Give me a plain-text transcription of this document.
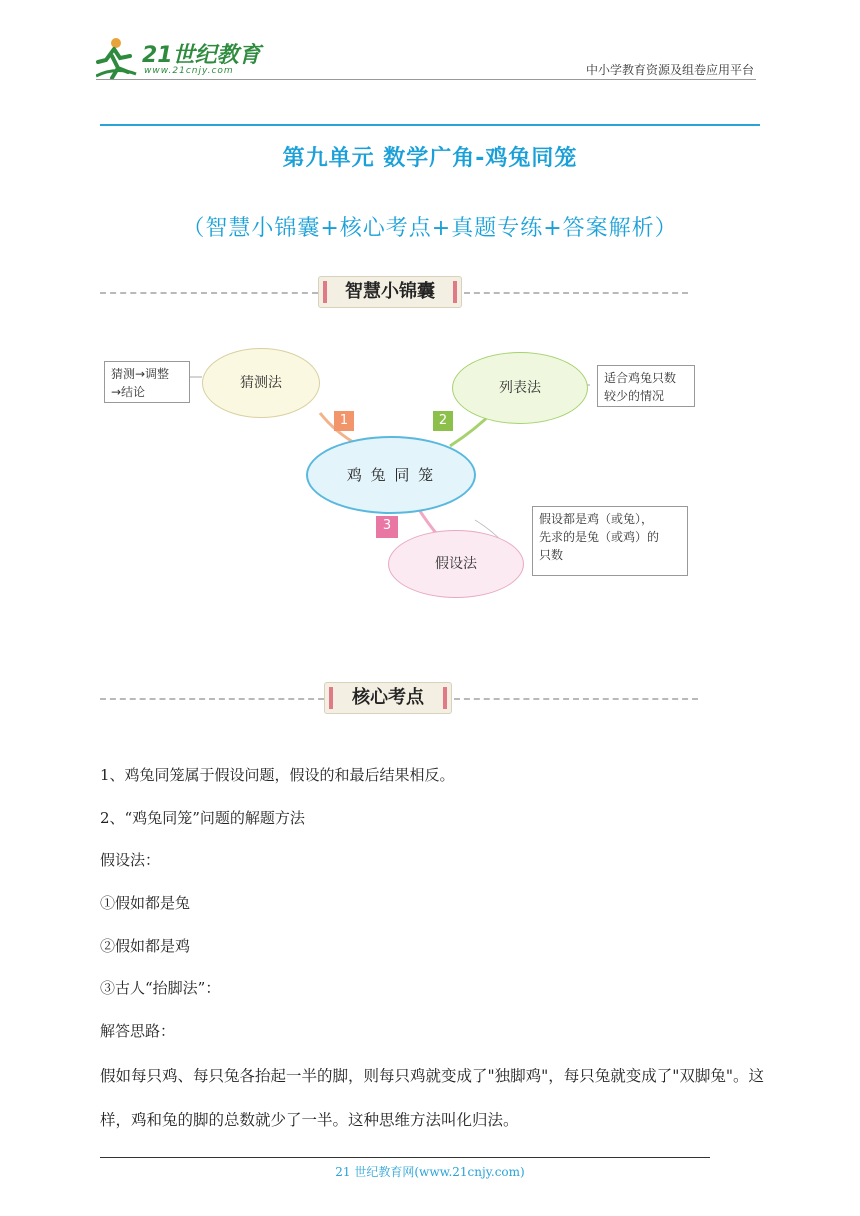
21世纪教育
www.21cnjy.com	中小学教育资源及组卷应用平台
第九单元 数学广角-鸡兔同笼
（智慧小锦囊+核心考点+真题专练+答案解析）
智慧小锦囊
猜测→调整
→结论
猜测法
1
列表法
适合鸡兔只数
较少的情况
2
鸡 兔 同 笼
3
假设法
假设都是鸡（或兔），
先求的是兔（或鸡）的
只数
核心考点
1、鸡兔同笼属于假设问题，假设的和最后结果相反。
2、“鸡兔同笼”问题的解题方法
假设法：
①假如都是兔
②假如都是鸡
③古人“抬脚法”：
解答思路：
假如每只鸡、每只兔各抬起一半的脚，则每只鸡就变成了"独脚鸡"，每只兔就变成了"双脚兔"。这样，鸡和兔的脚的总数就少了一半。这种思维方法叫化归法。
21 世纪教育网(www.21cnjy.com)
